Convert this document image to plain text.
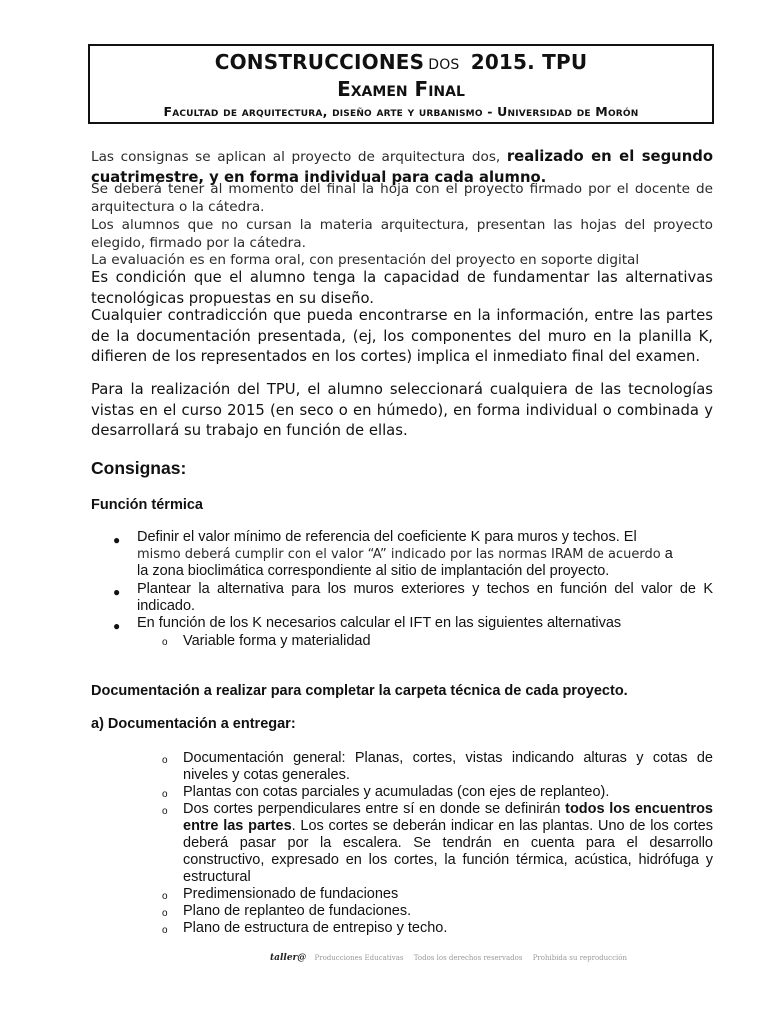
CONSTRUCCIONES DOS 2015. TPU
Examen Final
Facultad de arquitectura, diseño arte y urbanismo - Universidad de Morón

Las consignas se aplican al proyecto de arquitectura dos, realizado en el segundo cuatrimestre, y en forma individual para cada alumno.

Se deberá tener al momento del final la hoja con el proyecto firmado por el docente de arquitectura o la cátedra.

Los alumnos que no cursan la materia arquitectura, presentan las hojas del proyecto elegido, firmado por la cátedra.

La evaluación es en forma oral, con presentación del proyecto en soporte digital

Es condición que el alumno tenga la capacidad de fundamentar las alternativas tecnológicas propuestas en su diseño.

Cualquier contradicción que pueda encontrarse en la información, entre las partes de la documentación presentada, (ej, los componentes del muro en la planilla K, difieren de los representados en los cortes) implica el inmediato final del examen.

Para la realización del TPU, el alumno seleccionará cualquiera de las tecnologías vistas en el curso 2015 (en seco o en húmedo), en forma individual o combinada y desarrollará su trabajo en función de ellas.

Consignas:
Función térmica
● Definir el valor mínimo de referencia del coeficiente K para muros y techos. El
mismo deberá cumplir con el valor “A” indicado por las normas IRAM de acuerdo a
la zona bioclimática correspondiente al sitio de implantación del proyecto.
● Plantear la alternativa para los muros exteriores y techos en función del valor de K indicado.

● En función de los K necesarios calcular el IFT en las siguientes alternativas

o Variable forma y materialidad

Documentación a realizar para completar la carpeta técnica de cada proyecto.
a) Documentación a entregar:
o Documentación general: Planas, cortes, vistas indicando alturas y cotas de niveles y cotas generales.

o Plantas con cotas parciales y acumuladas (con ejes de replanteo).

o Dos cortes perpendiculares entre sí en donde se definirán todos los encuentros entre las partes. Los cortes se deberán indicar en las plantas. Uno de los cortes deberá pasar por la escalera. Se tendrán en cuenta para el desarrollo constructivo, expresado en los cortes, la función térmica, acústica, hidrófuga y estructural

o Predimensionado de fundaciones

o Plano de replanteo de fundaciones.

o Plano de estructura de entrepiso y techo.

taller@ Producciones Educativas Todos los derechos reservados Prohibida su reproducción
